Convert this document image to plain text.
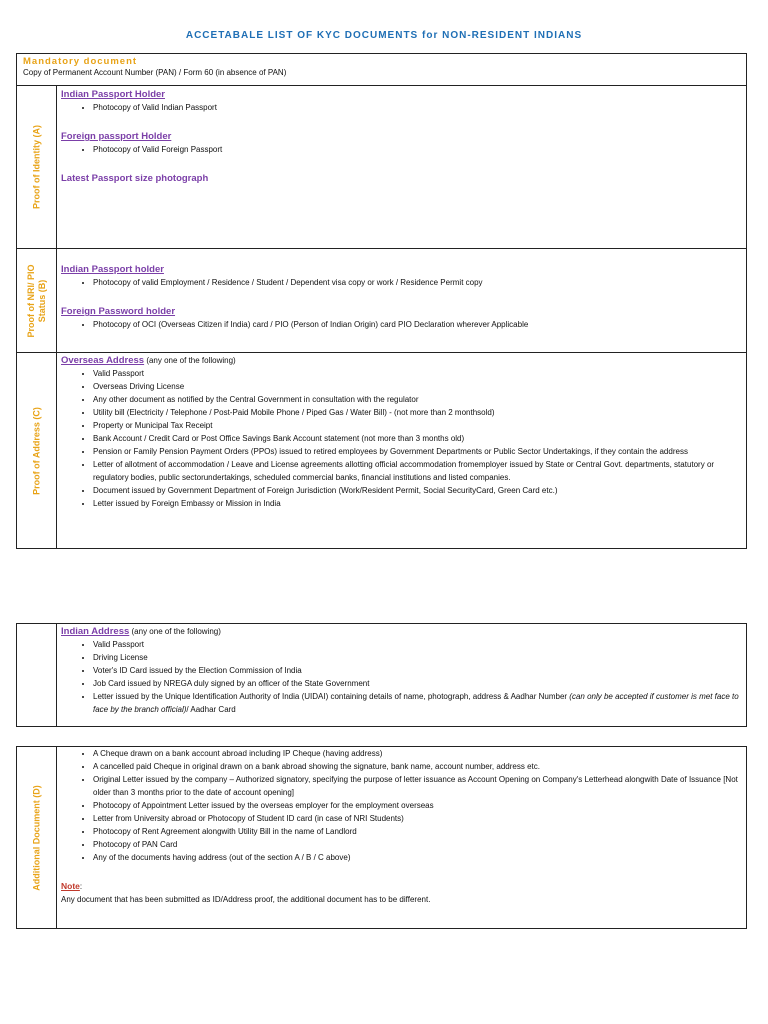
ACCETABALE LIST OF KYC DOCUMENTS for NON-RESIDENT INDIANS
Mandatory document
Copy of Permanent Account Number (PAN) / Form 60 (in absence of PAN)
Proof of Identity (A)
Indian Passport Holder
• Photocopy of Valid Indian Passport
Foreign passport Holder
• Photocopy of Valid Foreign Passport
Latest Passport size photograph
Proof of NRI/ PIO Status (B)
Indian Passport holder
• Photocopy of valid Employment / Residence / Student / Dependent visa copy or work / Residence Permit copy
Foreign Password holder
• Photocopy of OCI (Overseas Citizen if India) card / PIO (Person of Indian Origin) card PIO Declaration wherever Applicable
Proof of Address (C)
Overseas Address (any one of the following)
• Valid Passport
• Overseas Driving License
• Any other document as notified by the Central Government in consultation with the regulator
• Utility bill (Electricity / Telephone / Post-Paid Mobile Phone / Piped Gas / Water Bill) - (not more than 2 monthsold)
• Property or Municipal Tax Receipt
• Bank Account / Credit Card or Post Office Savings Bank Account statement (not more than 3 months old)
• Pension or Family Pension Payment Orders (PPOs) issued to retired employees by Government Departments or Public Sector Undertakings, if they contain the address
• Letter of allotment of accommodation / Leave and License agreements allotting official accommodation fromemployer issued by State or Central Govt. departments, statutory or regulatory bodies, public sectorundertakings, scheduled commercial banks, financial institutions and listed companies.
• Document issued by Government Department of Foreign Jurisdiction (Work/Resident Permit, Social SecurityCard, Green Card etc.)
• Letter issued by Foreign Embassy or Mission in India
Indian Address (any one of the following)
• Valid Passport
• Driving License
• Voter's ID Card issued by the Election Commission of India
• Job Card issued by NREGA duly signed by an officer of the State Government
• Letter issued by the Unique Identification Authority of India (UIDAI) containing details of name, photograph, address & Aadhar Number (can only be accepted if customer is met face to face by the branch official)/ Aadhar Card
Additional Document (D)
• A Cheque drawn on a bank account abroad including IP Cheque (having address)
• A cancelled paid Cheque in original drawn on a bank abroad showing the signature, bank name, account number, address etc.
• Original Letter issued by the company – Authorized signatory, specifying the purpose of letter issuance as Account Opening on Company's Letterhead alongwith Date of Issuance [Not older than 3 months prior to the date of account opening]
• Photocopy of Appointment Letter issued by the overseas employer for the employment overseas
• Letter from University abroad or Photocopy of Student ID card (in case of NRI Students)
• Photocopy of Rent Agreement alongwith Utility Bill in the name of Landlord
• Photocopy of PAN Card
• Any of the documents having address (out of the section A / B / C above)
Note:
Any document that has been submitted as ID/Address proof, the additional document has to be different.
